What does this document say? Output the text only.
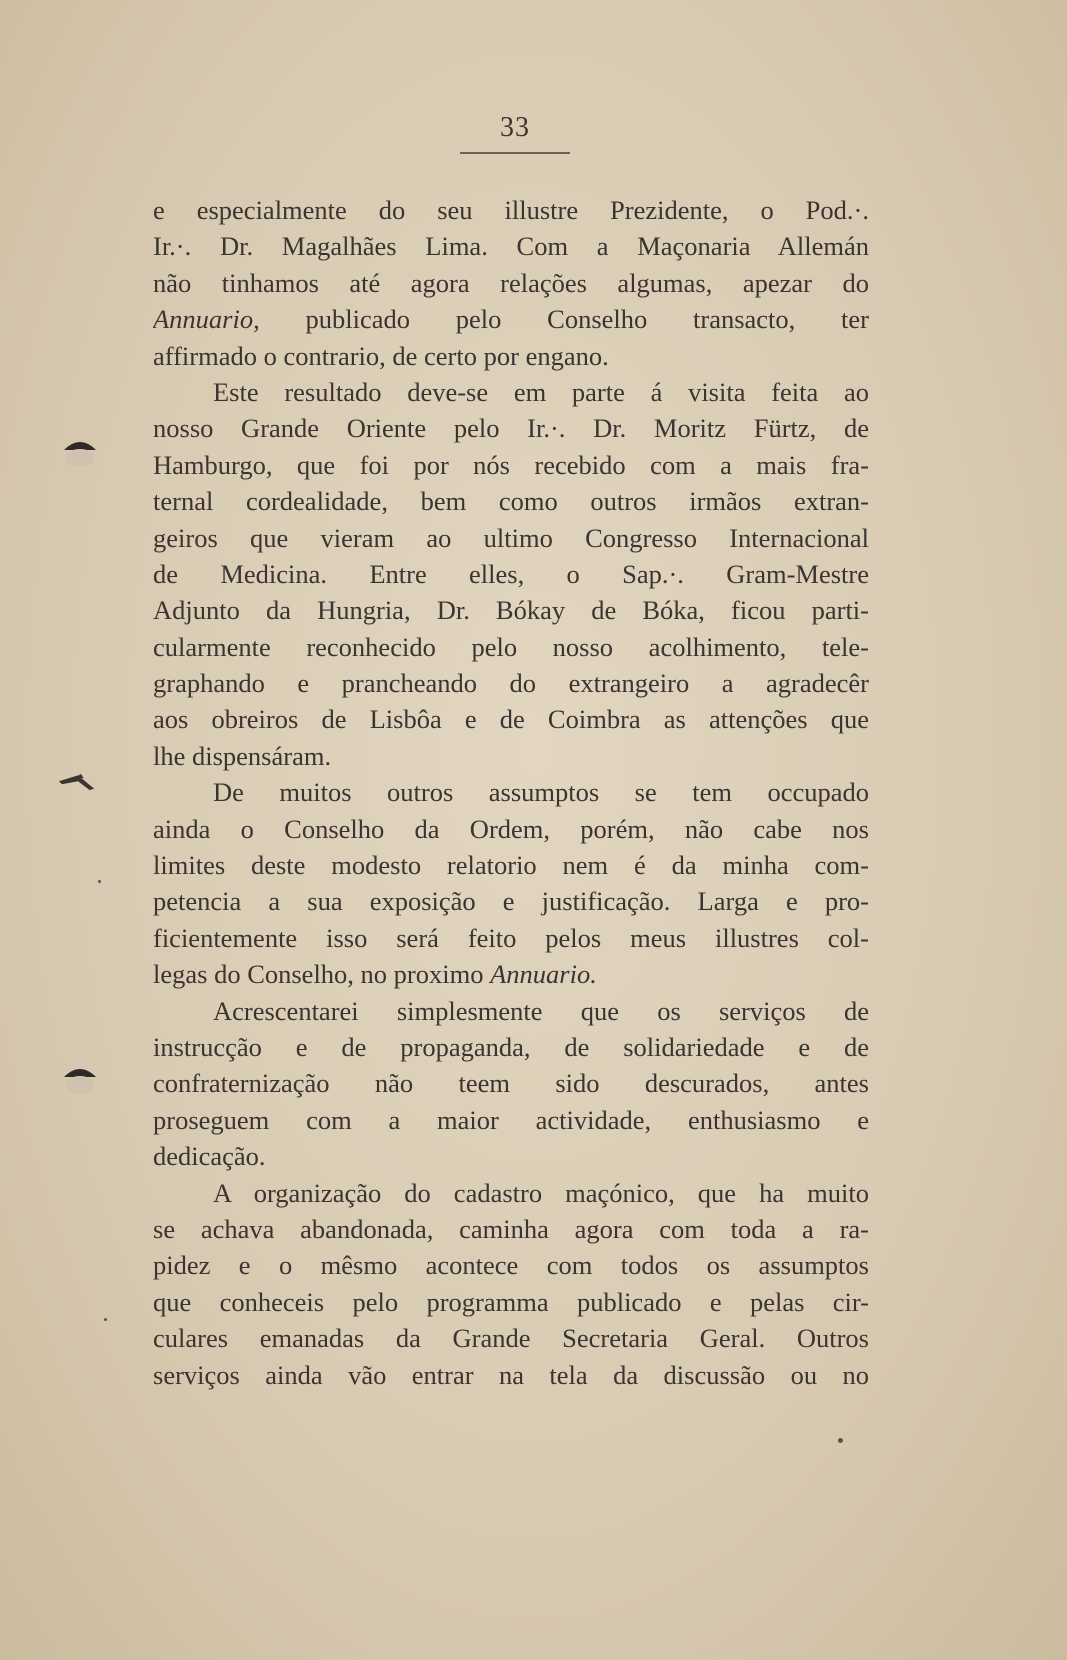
33
e especialmente do seu illustre Prezidente, o Pod.·.
Ir.·. Dr. Magalhães Lima. Com a Maçonaria Allemán
não tinhamos até agora relações algumas, apezar do
Annuario, publicado pelo Conselho transacto, ter
affirmado o contrario, de certo por engano.
Este resultado deve-se em parte á visita feita ao
nosso Grande Oriente pelo Ir.·. Dr. Moritz Fürtz, de
Hamburgo, que foi por nós recebido com a mais fra-
ternal cordealidade, bem como outros irmãos extran-
geiros que vieram ao ultimo Congresso Internacional
de Medicina. Entre elles, o Sap.·. Gram-Mestre
Adjunto da Hungria, Dr. Bókay de Bóka, ficou parti-
cularmente reconhecido pelo nosso acolhimento, tele-
graphando e prancheando do extrangeiro a agradecêr
aos obreiros de Lisbôa e de Coimbra as attenções que
lhe dispensáram.
De muitos outros assumptos se tem occupado
ainda o Conselho da Ordem, porém, não cabe nos
limites deste modesto relatorio nem é da minha com-
petencia a sua exposição e justificação. Larga e pro-
ficientemente isso será feito pelos meus illustres col-
legas do Conselho, no proximo Annuario.
Acrescentarei simplesmente que os serviços de
instrucção e de propaganda, de solidariedade e de
confraternização não teem sido descurados, antes
proseguem com a maior actividade, enthusiasmo e
dedicação.
A organização do cadastro maçónico, que ha muito
se achava abandonada, caminha agora com toda a ra-
pidez e o mêsmo acontece com todos os assumptos
que conheceis pelo programma publicado e pelas cir-
culares emanadas da Grande Secretaria Geral. Outros
serviços ainda vão entrar na tela da discussão ou no
